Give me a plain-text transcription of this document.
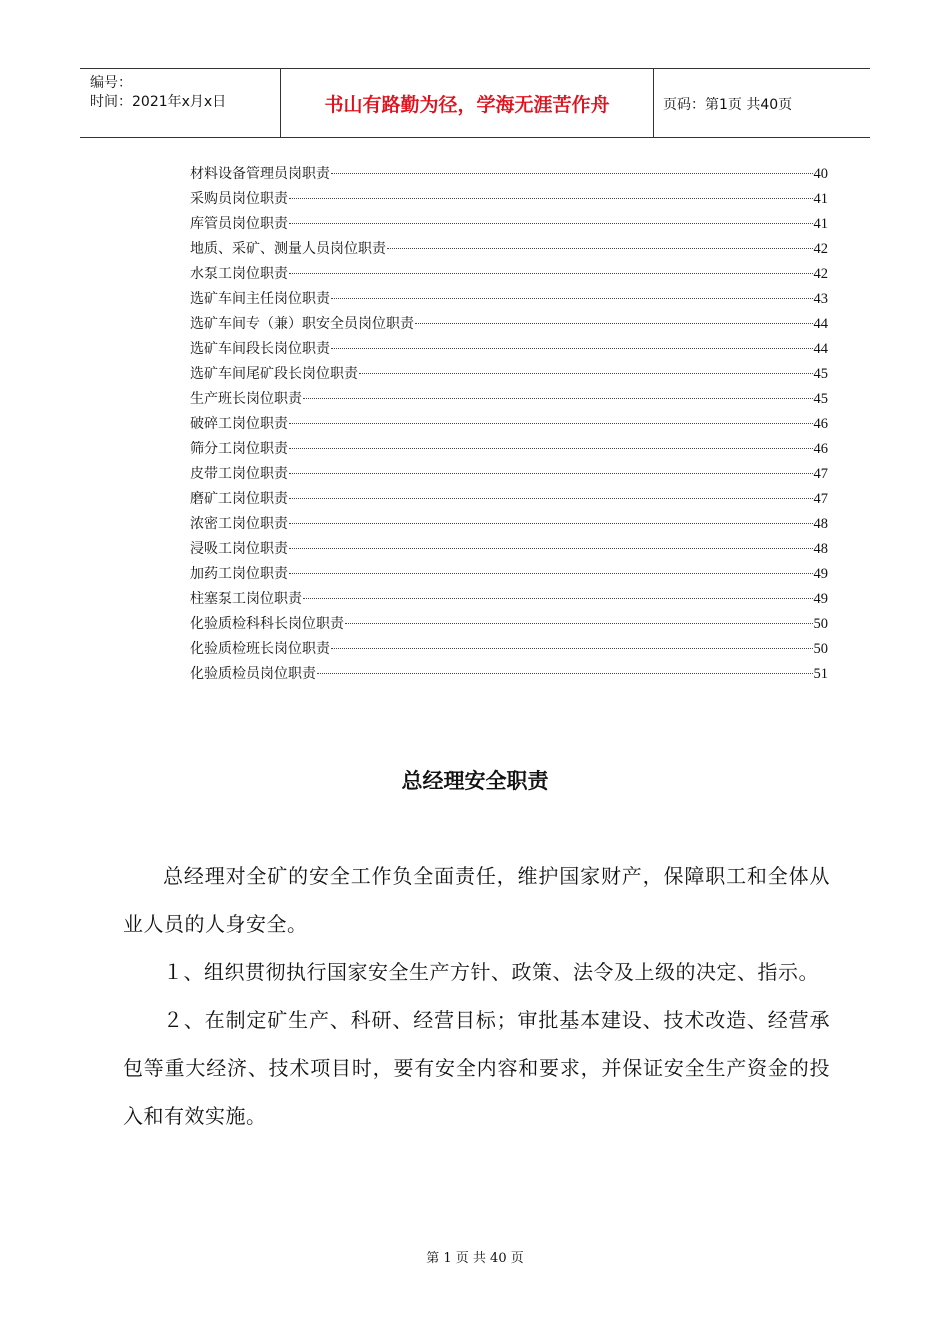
编号：
时间：2021年x月x日	书山有路勤为径，学海无涯苦作舟	页码：第1页 共40页
材料设备管理员岗职责	40
采购员岗位职责	41
库管员岗位职责	41
地质、采矿、测量人员岗位职责	42
水泵工岗位职责	42
选矿车间主任岗位职责	43
选矿车间专（兼）职安全员岗位职责	44
选矿车间段长岗位职责	44
选矿车间尾矿段长岗位职责	45
生产班长岗位职责	45
破碎工岗位职责	46
筛分工岗位职责	46
皮带工岗位职责	47
磨矿工岗位职责	47
浓密工岗位职责	48
浸吸工岗位职责	48
加药工岗位职责	49
柱塞泵工岗位职责	49
化验质检科科长岗位职责	50
化验质检班长岗位职责	50
化验质检员岗位职责	51
总经理安全职责

总经理对全矿的安全工作负全面责任，维护国家财产，保障职工和全体从业人员的人身安全。

１、组织贯彻执行国家安全生产方针、政策、法令及上级的决定、指示。

２、在制定矿生产、科研、经营目标；审批基本建设、技术改造、经营承包等重大经济、技术项目时，要有安全内容和要求，并保证安全生产资金的投入和有效实施。

第 1 页 共 40 页
